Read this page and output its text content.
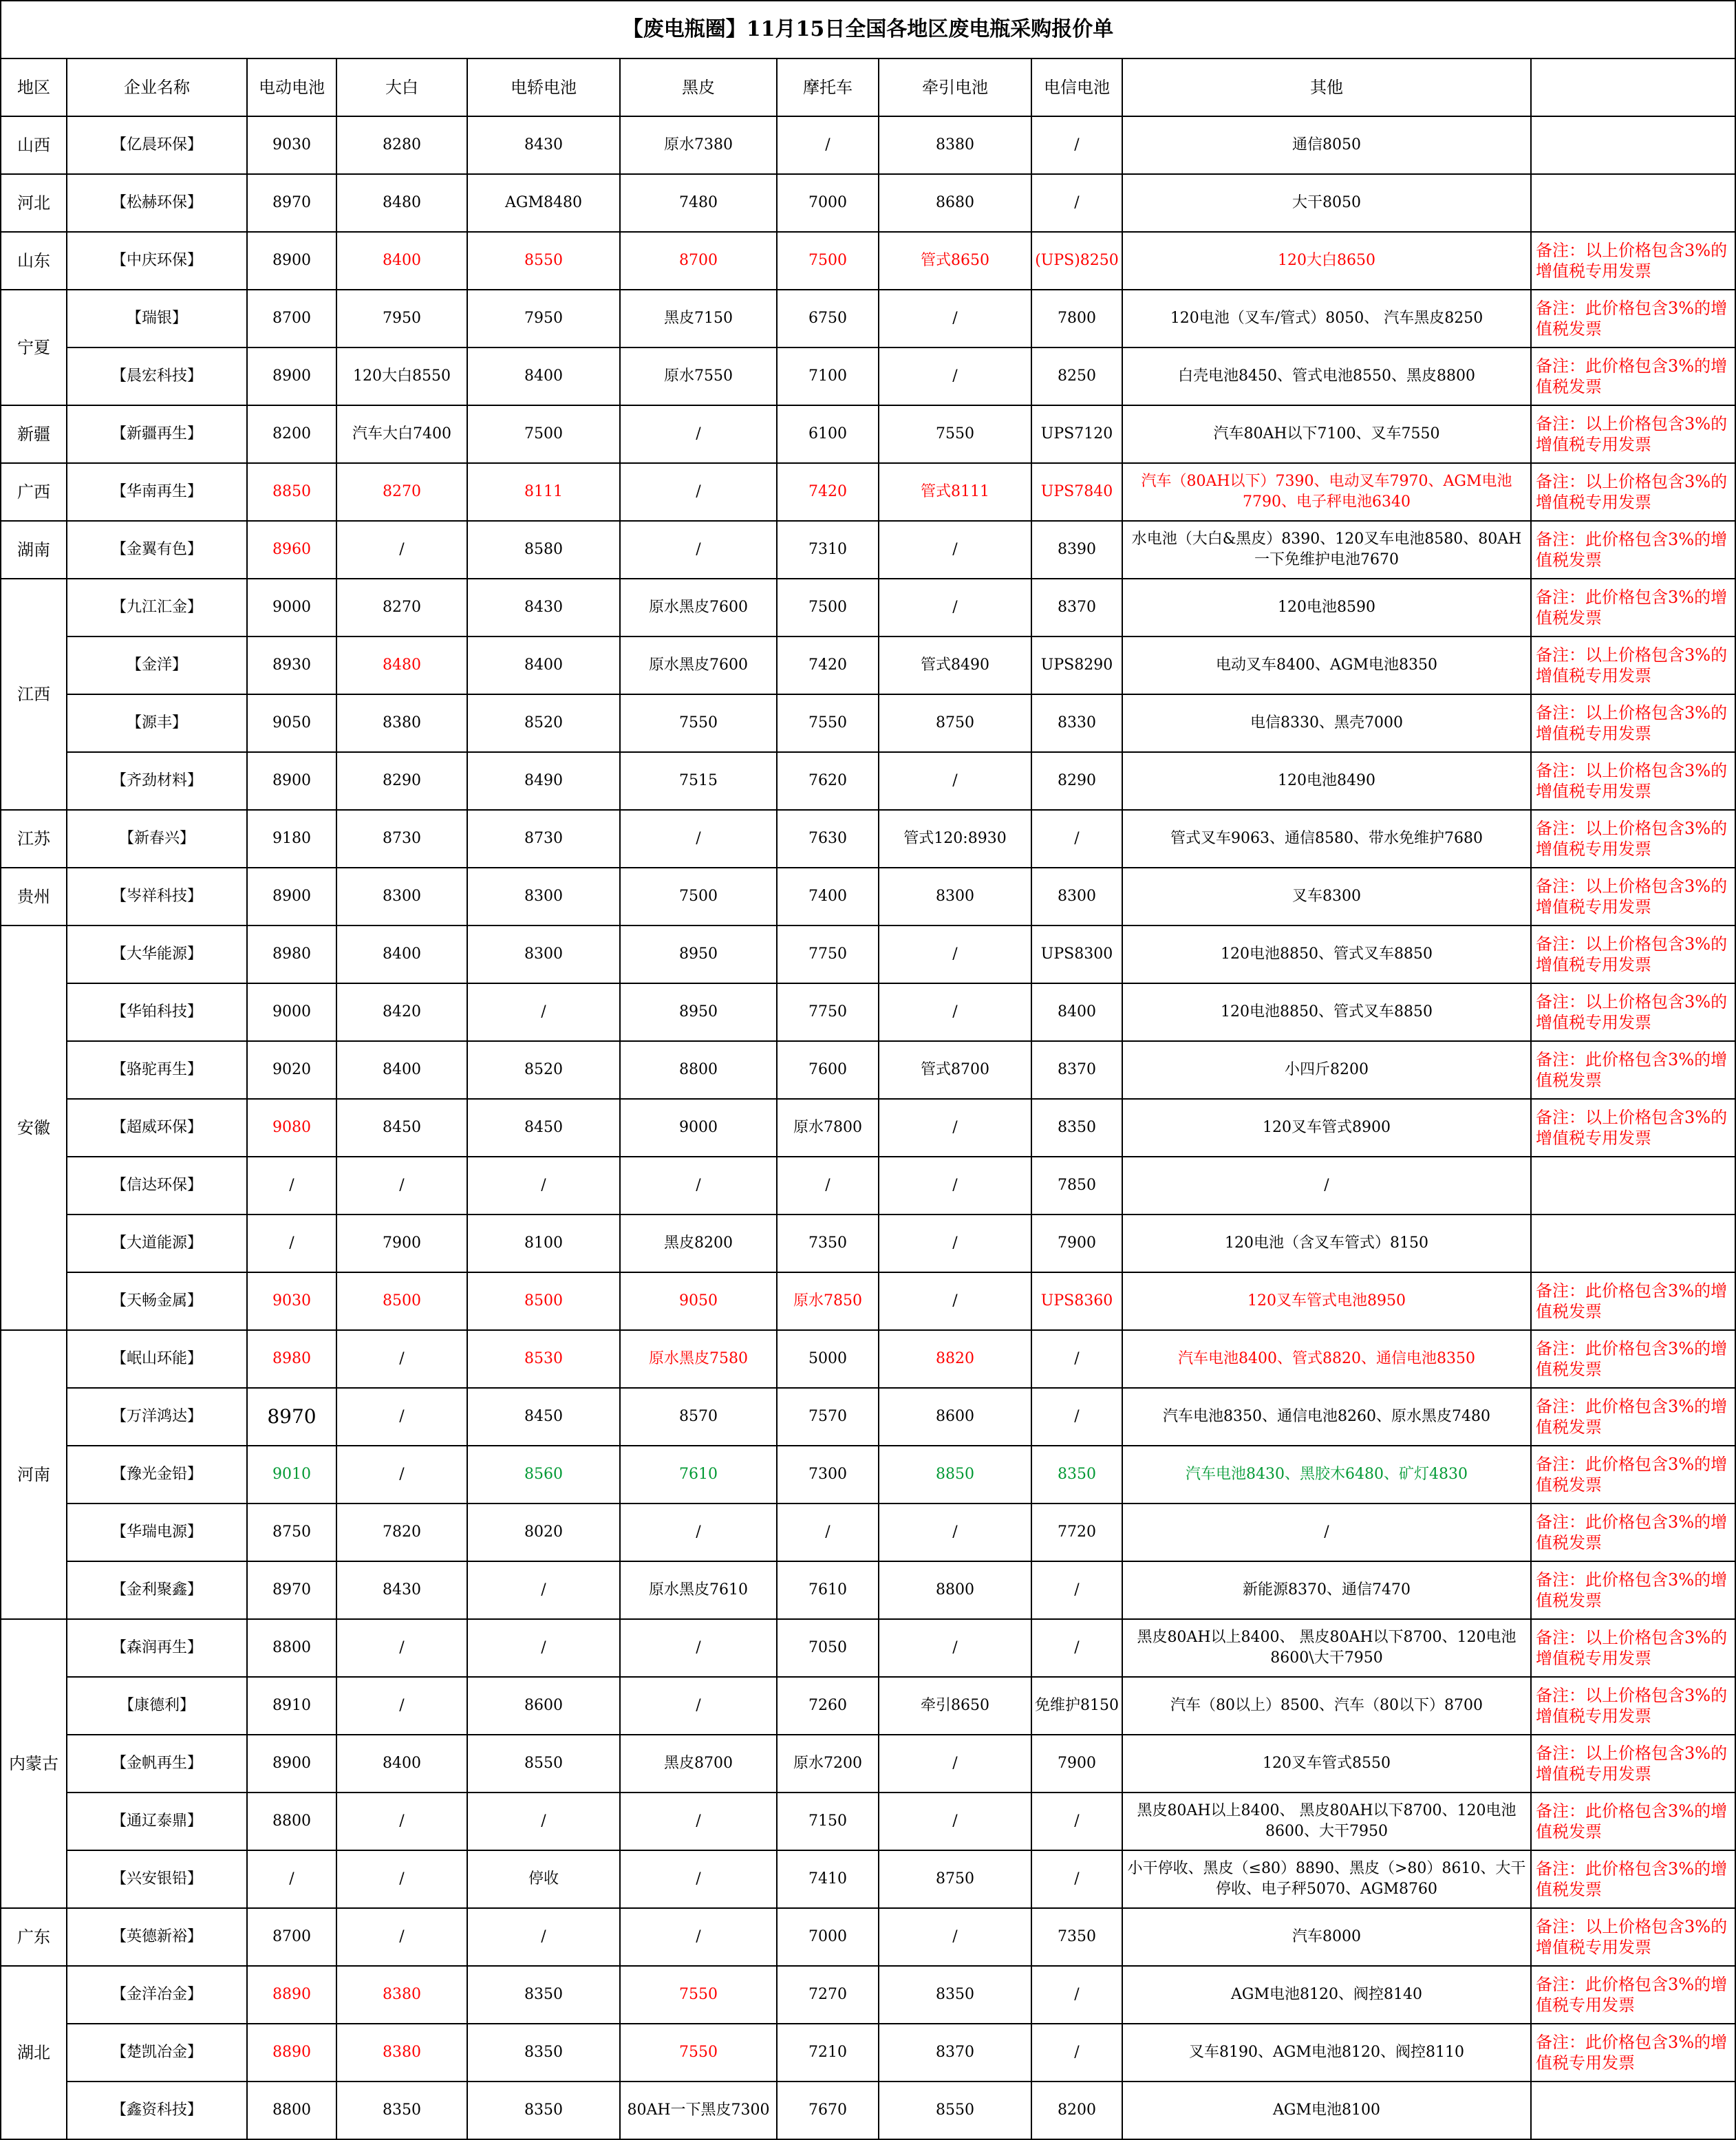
【废电瓶圈】11月15日全国各地区废电瓶采购报价单										
地区	企业名称	电动电池	大白	电轿电池	黑皮	摩托车	牵引电池	电信电池	其他	
山西	【亿晨环保】	9030	8280	8430	原水7380	/	8380	/	通信8050	
河北	【松赫环保】	8970	8480	AGM8480	7480	7000	8680	/	大干8050	
山东	【中庆环保】	8900	8400	8550	8700	7500	管式8650	(UPS)8250	120大白8650	备注：以上价格包含3%的增值税专用发票
宁夏	【瑞银】	8700	7950	7950	黑皮7150	6750	/	7800	120电池（叉车/管式）8050、 汽车黑皮8250	备注：此价格包含3%的增值税发票
	【晨宏科技】	8900	120大白8550	8400	原水7550	7100	/	8250	白壳电池8450、管式电池8550、黑皮8800	备注：此价格包含3%的增值税发票
新疆	【新疆再生】	8200	汽车大白7400	7500	/	6100	7550	UPS7120	汽车80AH以下7100、叉车7550	备注：以上价格包含3%的增值税专用发票
广西	【华南再生】	8850	8270	8111	/	7420	管式8111	UPS7840	汽车（80AH以下）7390、电动叉车7970、AGM电池7790、电子秤电池6340	备注：以上价格包含3%的增值税专用发票
湖南	【金翼有色】	8960	/	8580	/	7310	/	8390	水电池（大白&黑皮）8390、120叉车电池8580、80AH一下免维护电池7670	备注：此价格包含3%的增值税发票
江西	【九江汇金】	9000	8270	8430	原水黑皮7600	7500	/	8370	120电池8590	备注：此价格包含3%的增值税发票
	【金洋】	8930	8480	8400	原水黑皮7600	7420	管式8490	UPS8290	电动叉车8400、AGM电池8350	备注：以上价格包含3%的增值税专用发票
	【源丰】	9050	8380	8520	7550	7550	8750	8330	电信8330、黑壳7000	备注：以上价格包含3%的增值税专用发票
	【齐劲材料】	8900	8290	8490	7515	7620	/	8290	120电池8490	备注：以上价格包含3%的增值税专用发票
江苏	【新春兴】	9180	8730	8730	/	7630	管式120:8930	/	管式叉车9063、通信8580、带水免维护7680	备注：以上价格包含3%的增值税专用发票
贵州	【岑祥科技】	8900	8300	8300	7500	7400	8300	8300	叉车8300	备注：以上价格包含3%的增值税专用发票
安徽	【大华能源】	8980	8400	8300	8950	7750	/	UPS8300	120电池8850、管式叉车8850	备注：以上价格包含3%的增值税专用发票
	【华铂科技】	9000	8420	/	8950	7750	/	8400	120电池8850、管式叉车8850	备注：以上价格包含3%的增值税专用发票
	【骆驼再生】	9020	8400	8520	8800	7600	管式8700	8370	小四斤8200	备注：此价格包含3%的增值税发票
	【超威环保】	9080	8450	8450	9000	原水7800	/	8350	120叉车管式8900	备注：以上价格包含3%的增值税专用发票
	【信达环保】	/	/	/	/	/	/	7850	/	
	【大道能源】	/	7900	8100	黑皮8200	7350	/	7900	120电池（含叉车管式）8150	
	【天畅金属】	9030	8500	8500	9050	原水7850	/	UPS8360	120叉车管式电池8950	备注：此价格包含3%的增值税发票
河南	【岷山环能】	8980	/	8530	原水黑皮7580	5000	8820	/	汽车电池8400、管式8820、通信电池8350	备注：此价格包含3%的增值税发票
	【万洋鸿达】	8970	/	8450	8570	7570	8600	/	汽车电池8350、通信电池8260、原水黑皮7480	备注：此价格包含3%的增值税发票
	【豫光金铅】	9010	/	8560	7610	7300	8850	8350	汽车电池8430、黑胶木6480、矿灯4830	备注：此价格包含3%的增值税发票
	【华瑞电源】	8750	7820	8020	/	/	/	7720	/	备注：此价格包含3%的增值税发票
	【金利聚鑫】	8970	8430	/	原水黑皮7610	7610	8800	/	新能源8370、通信7470	备注：此价格包含3%的增值税发票
内蒙古	【森润再生】	8800	/	/	/	7050	/	/	黑皮80AH以上8400、 黑皮80AH以下8700、120电池8600\大干7950	备注：以上价格包含3%的增值税专用发票
	【康德利】	8910	/	8600	/	7260	牵引8650	免维护8150	汽车（80以上）8500、汽车（80以下）8700	备注：以上价格包含3%的增值税专用发票
	【金帆再生】	8900	8400	8550	黑皮8700	原水7200	/	7900	120叉车管式8550	备注：以上价格包含3%的增值税专用发票
	【通辽泰鼎】	8800	/	/	/	7150	/	/	黑皮80AH以上8400、 黑皮80AH以下8700、120电池8600、大干7950	备注：此价格包含3%的增值税发票
	【兴安银铅】	/	/	停收	/	7410	8750	/	小干停收、黑皮（≤80）8890、黑皮（>80）8610、大干停收、电子秤5070、AGM8760	备注：此价格包含3%的增值税发票
广东	【英德新裕】	8700	/	/	/	7000	/	7350	汽车8000	备注：以上价格包含3%的增值税专用发票
湖北	【金洋冶金】	8890	8380	8350	7550	7270	8350	/	AGM电池8120、阀控8140	备注：此价格包含3%的增值税专用发票
	【楚凯冶金】	8890	8380	8350	7550	7210	8370	/	叉车8190、AGM电池8120、阀控8110	备注：此价格包含3%的增值税专用发票
	【鑫资科技】	8800	8350	8350	80AH一下黑皮7300	7670	8550	8200	AGM电池8100	
